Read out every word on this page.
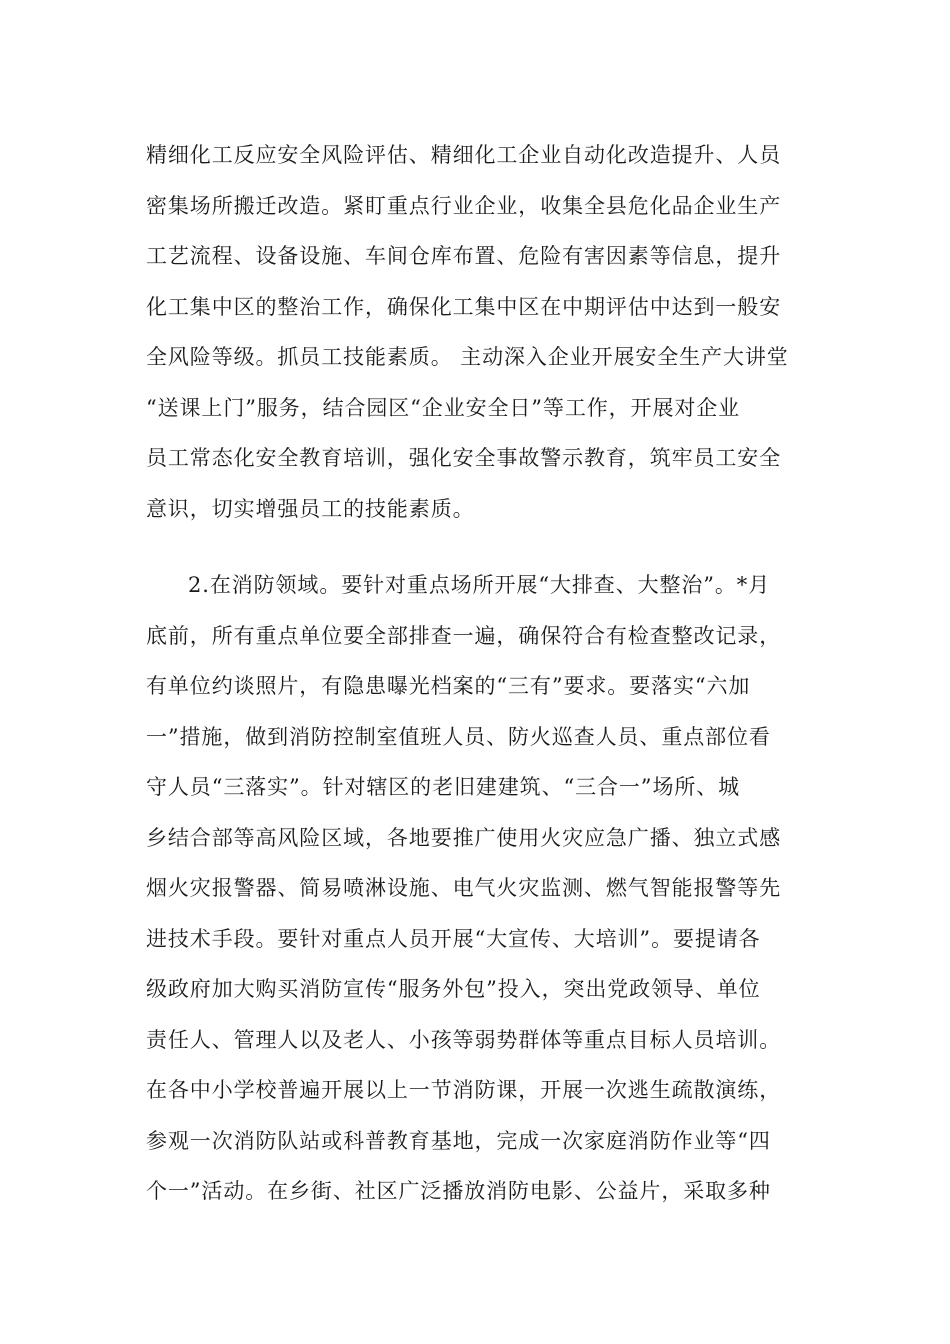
精细化工反应安全风险评估、精细化工企业自动化改造提升、人员
密集场所搬迁改造。紧盯重点行业企业，收集全县危化品企业生产
工艺流程、设备设施、车间仓库布置、危险有害因素等信息，提升
化工集中区的整治工作，确保化工集中区在中期评估中达到一般安
全风险等级。抓员工技能素质。 主动深入企业开展安全生产大讲堂
“送课上门”服务，结合园区“企业安全日”等工作，开展对企业
员工常态化安全教育培训，强化安全事故警示教育，筑牢员工安全
意识，切实增强员工的技能素质。
2.在消防领域。要针对重点场所开展“大排查、大整治”。*月
底前，所有重点单位要全部排查一遍，确保符合有检查整改记录，
有单位约谈照片，有隐患曝光档案的“三有”要求。要落实“六加
一”措施，做到消防控制室值班人员、防火巡查人员、重点部位看
守人员“三落实”。针对辖区的老旧建建筑、“三合一”场所、城
乡结合部等高风险区域，各地要推广使用火灾应急广播、独立式感
烟火灾报警器、简易喷淋设施、电气火灾监测、燃气智能报警等先
进技术手段。要针对重点人员开展“大宣传、大培训”。要提请各
级政府加大购买消防宣传“服务外包”投入，突出党政领导、单位
责任人、管理人以及老人、小孩等弱势群体等重点目标人员培训。
在各中小学校普遍开展以上一节消防课，开展一次逃生疏散演练，
参观一次消防队站或科普教育基地，完成一次家庭消防作业等“四
个一”活动。在乡街、社区广泛播放消防电影、公益片，采取多种
